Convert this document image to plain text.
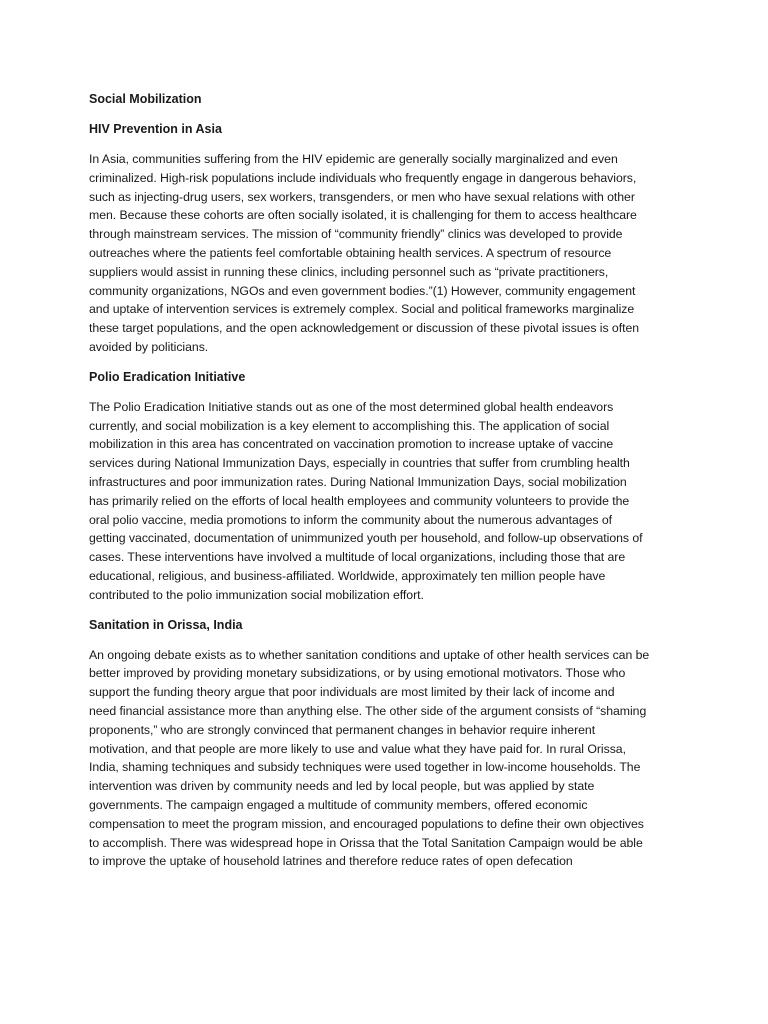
Social Mobilization

HIV Prevention in Asia

In Asia, communities suffering from the HIV epidemic are generally socially marginalized and even
criminalized. High-risk populations include individuals who frequently engage in dangerous behaviors,
such as injecting-drug users, sex workers, transgenders, or men who have sexual relations with other
men. Because these cohorts are often socially isolated, it is challenging for them to access healthcare
through mainstream services. The mission of “community friendly” clinics was developed to provide
outreaches where the patients feel comfortable obtaining health services. A spectrum of resource
suppliers would assist in running these clinics, including personnel such as “private practitioners,
community organizations, NGOs and even government bodies.”(1) However, community engagement
and uptake of intervention services is extremely complex. Social and political frameworks marginalize
these target populations, and the open acknowledgement or discussion of these pivotal issues is often
avoided by politicians.

Polio Eradication Initiative

The Polio Eradication Initiative stands out as one of the most determined global health endeavors
currently, and social mobilization is a key element to accomplishing this. The application of social
mobilization in this area has concentrated on vaccination promotion to increase uptake of vaccine
services during National Immunization Days, especially in countries that suffer from crumbling health
infrastructures and poor immunization rates. During National Immunization Days, social mobilization
has primarily relied on the efforts of local health employees and community volunteers to provide the
oral polio vaccine, media promotions to inform the community about the numerous advantages of
getting vaccinated, documentation of unimmunized youth per household, and follow-up observations of
cases. These interventions have involved a multitude of local organizations, including those that are
educational, religious, and business-affiliated. Worldwide, approximately ten million people have
contributed to the polio immunization social mobilization effort.

Sanitation in Orissa, India

An ongoing debate exists as to whether sanitation conditions and uptake of other health services can be
better improved by providing monetary subsidizations, or by using emotional motivators. Those who
support the funding theory argue that poor individuals are most limited by their lack of income and
need financial assistance more than anything else. The other side of the argument consists of “shaming
proponents,” who are strongly convinced that permanent changes in behavior require inherent
motivation, and that people are more likely to use and value what they have paid for. In rural Orissa,
India, shaming techniques and subsidy techniques were used together in low-income households. The
intervention was driven by community needs and led by local people, but was applied by state
governments. The campaign engaged a multitude of community members, offered economic
compensation to meet the program mission, and encouraged populations to define their own objectives
to accomplish. There was widespread hope in Orissa that the Total Sanitation Campaign would be able
to improve the uptake of household latrines and therefore reduce rates of open defecation
